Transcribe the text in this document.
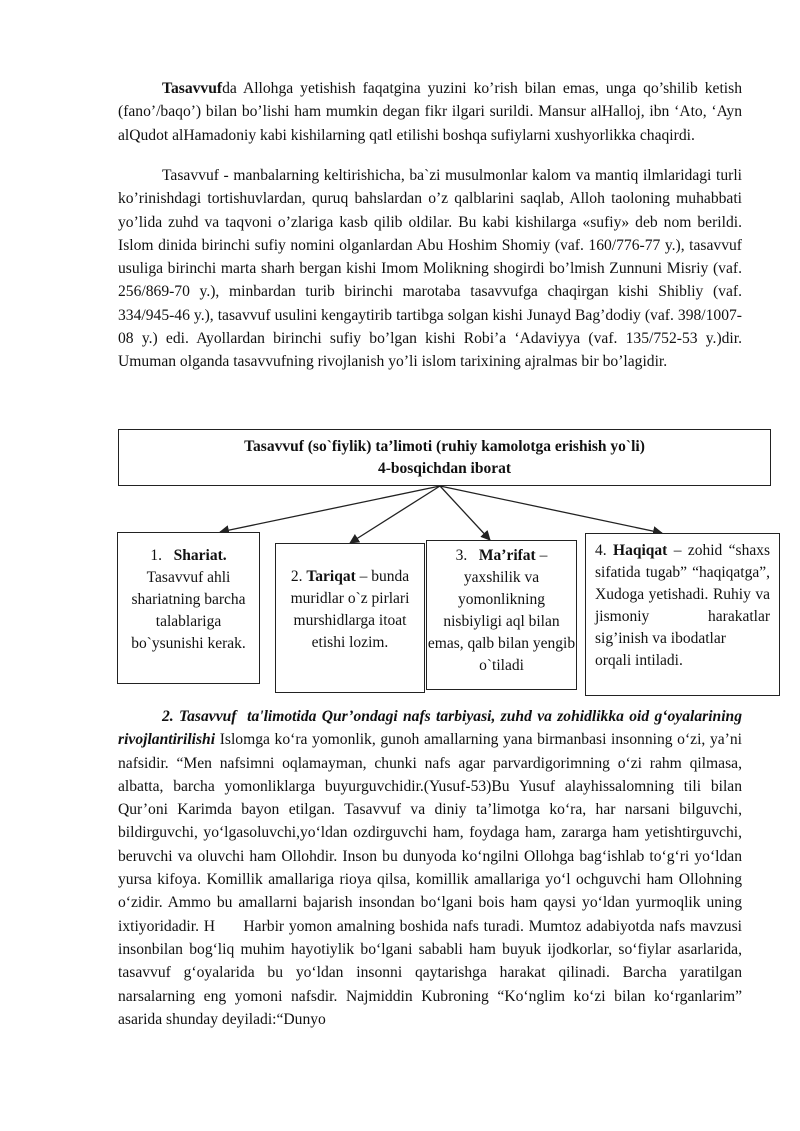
Tasavvufda Allohga yetishish faqatgina yuzini ko’rish bilan emas, unga qo’shilib ketish (fano’/baqo’) bilan bo’lishi ham mumkin degan fikr ilgari surildi. Mansur alHalloj, ibn ‘Ato, ‘Ayn alQudot alHamadoniy kabi kishilarning qatl etilishi boshqa sufiylarni xushyorlikka chaqirdi.

Tasavvuf - manbalarning keltirishicha, ba`zi musulmonlar kalom va mantiq ilmlaridagi turli ko’rinishdagi tortishuvlardan, quruq bahslardan o’z qalblarini saqlab, Alloh taoloning muhabbati yo’lida zuhd va taqvoni o’zlariga kasb qilib oldilar. Bu kabi kishilarga «sufiy» deb nom berildi. Islom dinida birinchi sufiy nomini olganlardan Abu Hoshim Shomiy (vaf. 160/776-77 y.), tasavvuf usuliga birinchi marta sharh bergan kishi Imom Molikning shogirdi bo’lmish Zunnuni Misriy (vaf. 256/869-70 y.), minbardan turib birinchi marotaba tasavvufga chaqirgan kishi Shibliy (vaf. 334/945-46 y.), tasavvuf usulini kengaytirib tartibga solgan kishi Junayd Bag’dodiy (vaf. 398/1007-08 y.) edi. Ayollardan birinchi sufiy bo’lgan kishi Robi’a ‘Adaviyya (vaf. 135/752-53 y.)dir. Umuman olganda tasavvufning rivojlanish yo’li islom tarixining ajralmas bir bo’lagidir.

Tasavvuf (so`fiylik) ta’limoti (ruhiy kamolotga erishish yo`li)
4-bosqichdan iborat
1. Shariat.
Tasavvuf ahli shariatning barcha talablariga bo`ysunishi kerak.
2. Tariqat – bunda muridlar o`z pirlari murshidlarga itoat etishi lozim.
3. Ma’rifat – yaxshilik va yomonlikning nisbiyligi aql bilan emas, qalb bilan yengib o`tiladi
4. Haqiqat – zohid “shaxs sifatida tugab” “haqiqatga”, Xudoga yetishadi. Ruhiy va jismoniy harakatlar sig’inish va ibodatlar
orqali intiladi.

2. Tasavvuf ta'limotida Qur’ondagi nafs tarbiyasi, zuhd va zohidlikka oid g‘oyalarining rivojlantirilishi Islomga ko‘ra yomonlik, gunoh amallarning yana birmanbasi insonning o‘zi, ya’ni nafsidir. “Men nafsimni oqlamayman, chunki nafs agar parvardigorimning o‘zi rahm qilmasa, albatta, barcha yomonliklarga buyurguvchidir.(Yusuf-53)Bu Yusuf alayhissalomning tili bilan Qur’oni Karimda bayon etilgan. Tasavvuf va diniy ta’limotga ko‘ra, har narsani bilguvchi, bildirguvchi, yo‘lgasoluvchi,yo‘ldan ozdirguvchi ham, foydaga ham, zararga ham yetishtirguvchi, beruvchi va oluvchi ham Ollohdir. Inson bu dunyoda ko‘ngilni Ollohga bag‘ishlab to‘g‘ri yo‘ldan yursa kifoya. Komillik amallariga rioya qilsa, komillik amallariga yo‘l ochguvchi ham Ollohning o‘zidir. Ammo bu amallarni bajarish insondan bo‘lgani bois ham qaysi yo‘ldan yurmoqlik uning ixtiyoridadir. H Harbir yomon amalning boshida nafs turadi. Mumtoz adabiyotda nafs mavzusi insonbilan bog‘liq muhim hayotiylik bo‘lgani sababli ham buyuk ijodkorlar, so‘fiylar asarlarida, tasavvuf g‘oyalarida bu yo‘ldan insonni qaytarishga harakat qilinadi. Barcha yaratilgan narsalarning eng yomoni nafsdir. Najmiddin Kubroning “Ko‘nglim ko‘zi bilan ko‘rganlarim” asarida shunday deyiladi:“Dunyo
